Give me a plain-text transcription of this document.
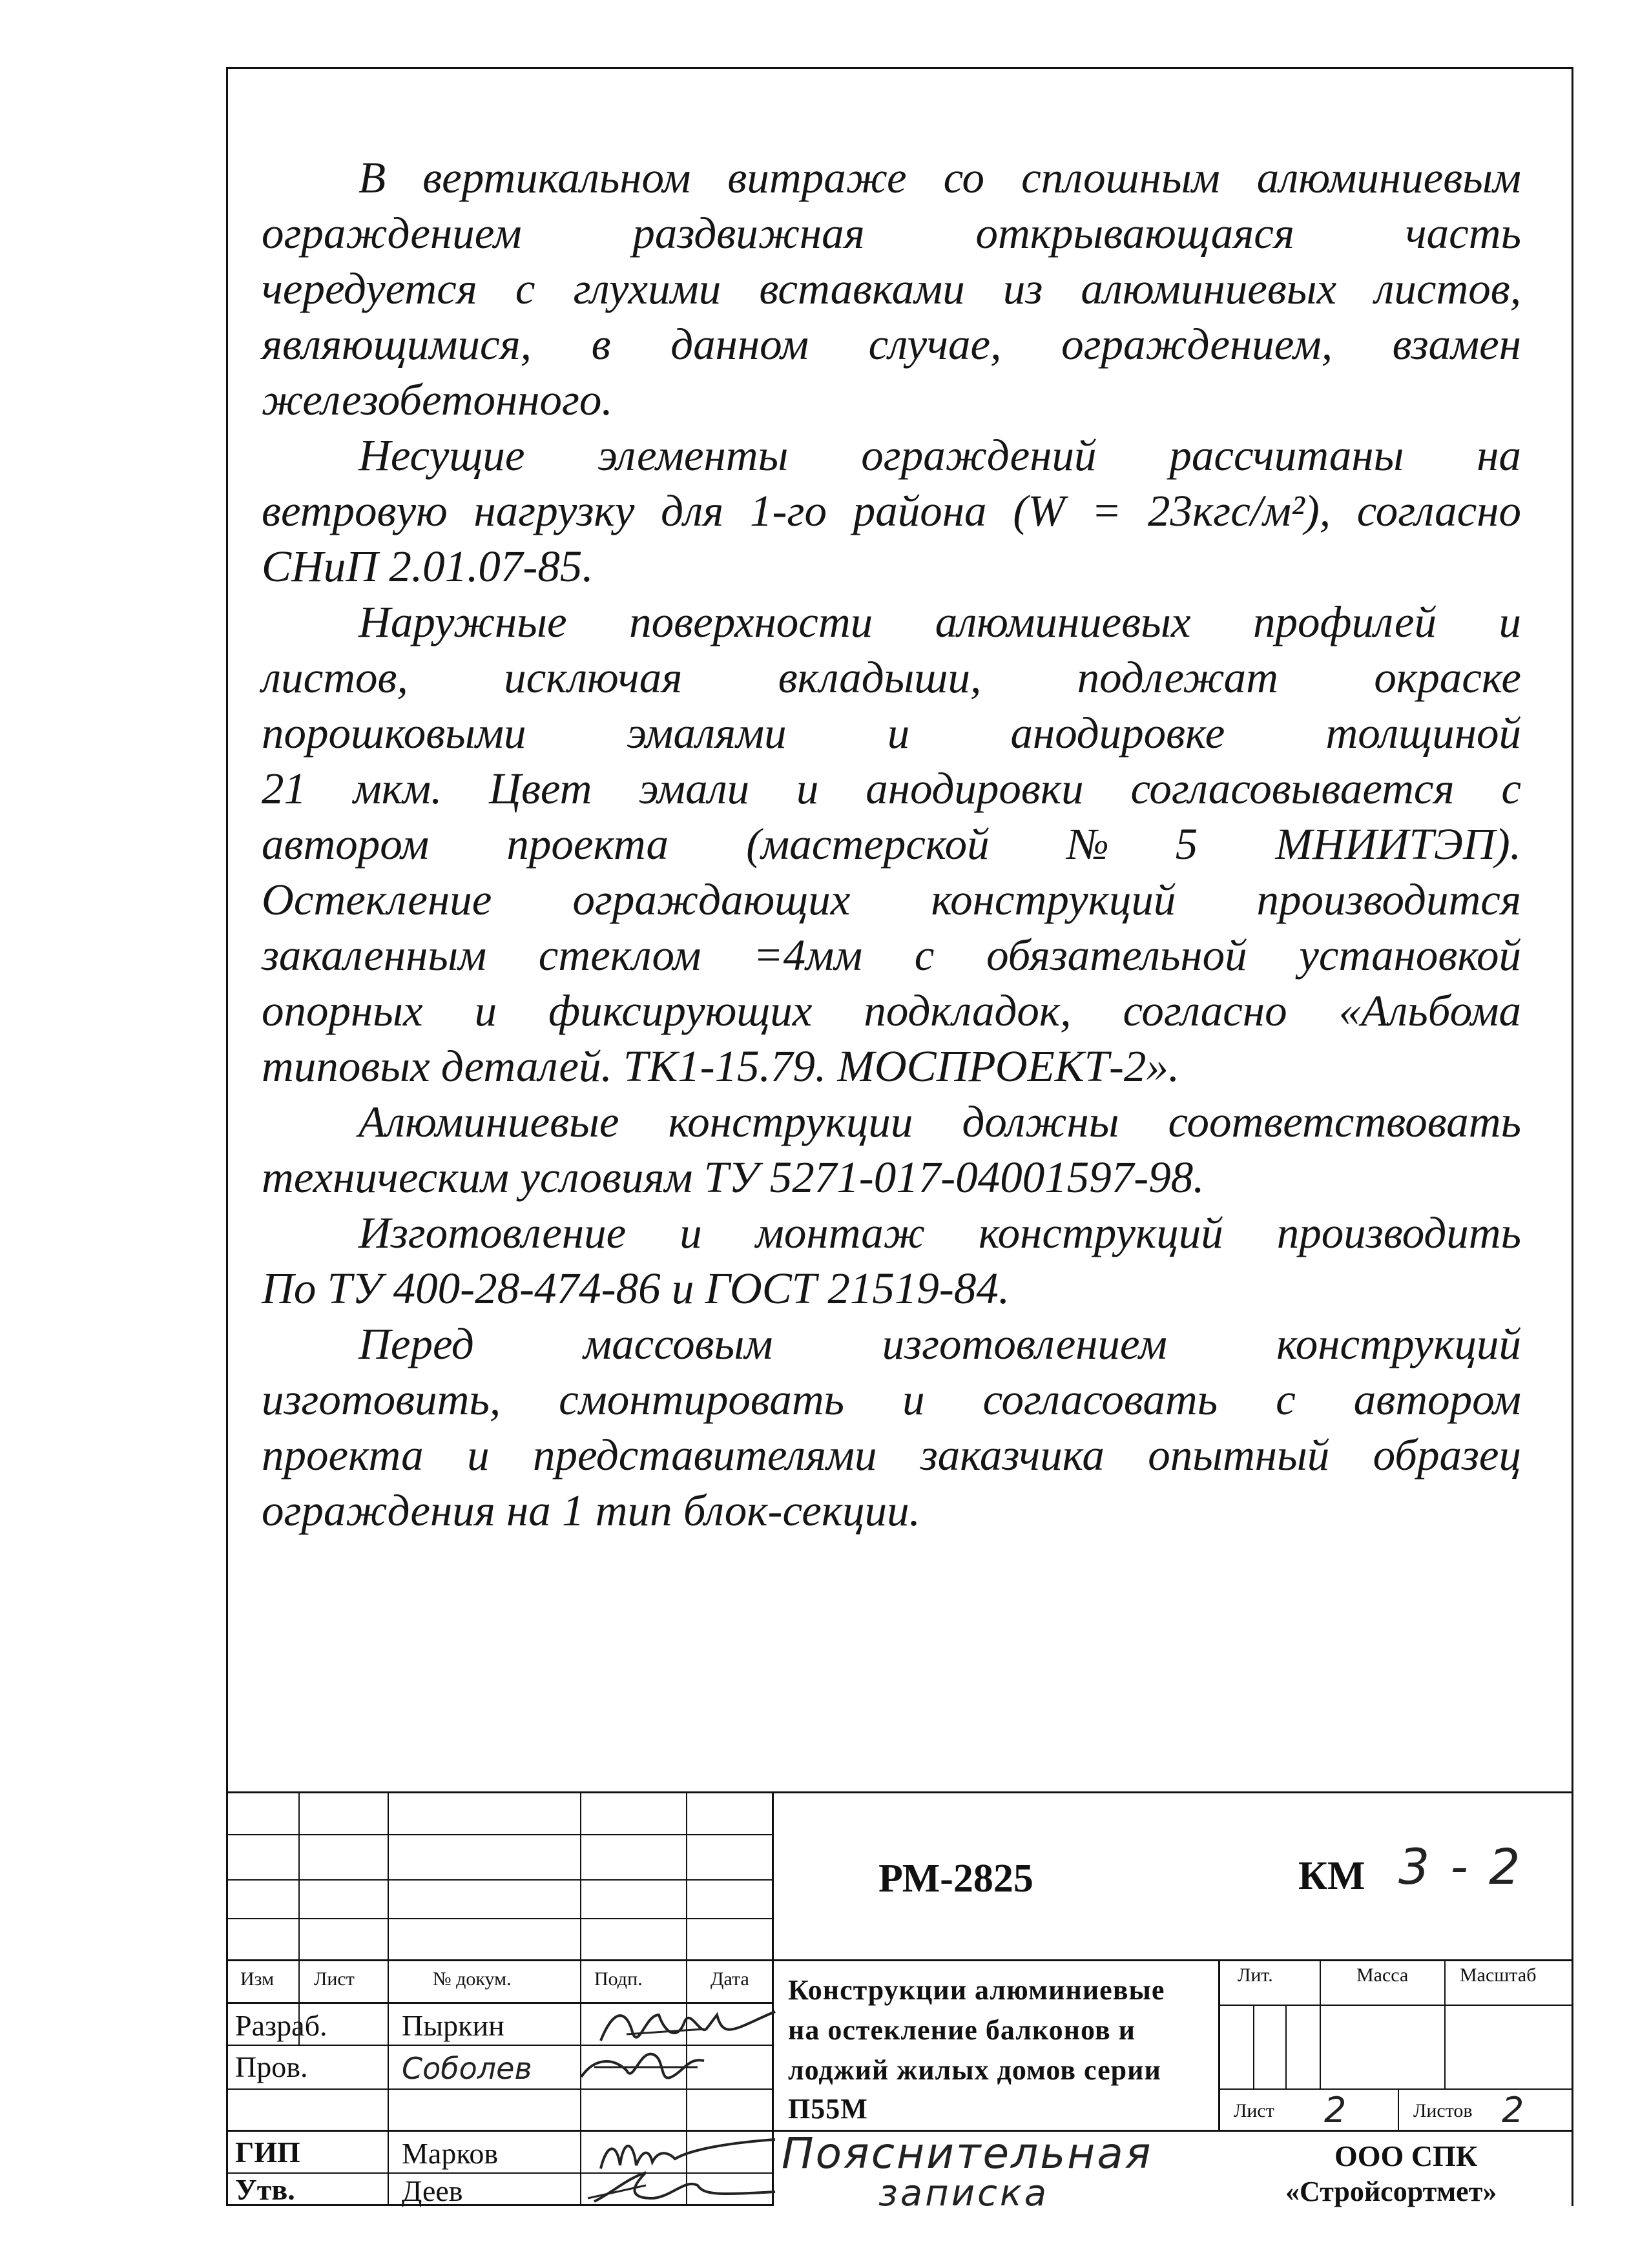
В вертикальном витраже со сплошным алюминиевым
ограждением раздвижная открывающаяся часть
чередуется с глухими вставками из алюминиевых листов,
являющимися, в данном случае, ограждением, взамен
железобетонного.
Несущие элементы ограждений рассчитаны на
ветровую нагрузку для 1-го района (W = 23кгс/м²), согласно
СНиП 2.01.07-85.
Наружные поверхности алюминиевых профилей и
листов, исключая вкладыши, подлежат окраске
порошковыми эмалями и анодировке толщиной
21 мкм. Цвет эмали и анодировки согласовывается с
автором проекта (мастерской №5 МНИИТЭП).
Остекление ограждающих конструкций производится
закаленным стеклом =4мм с обязательной установкой
опорных и фиксирующих подкладок, согласно «Альбома
типовых деталей. ТК1-15.79. МОСПРОЕКТ-2».
Алюминиевые конструкции должны соответствовать
техническим условиям ТУ 5271-017-04001597-98.
Изготовление и монтаж конструкций производить
По ТУ 400-28-474-86 и ГОСТ 21519-84.
Перед массовым изготовлением конструкций
изготовить, смонтировать и согласовать с автором
проекта и представителями заказчика опытный образец
ограждения на 1 тип блок-секции.
РМ-2825	КМ 3 - 2
Изм Лист	№ докум.	Подп.	Дата
Разраб.	Пыркин
Пров.	Соболев
ГИП	Марков
Утв.	Деев
Конструкции алюминиевые
на остекление балконов и
лоджий жилых домов серии
П55М
Лит.	Масса	Масштаб
Лист 2	Листов 2
Пояснительная
записка
ООО СПК
«Стройсортмет»
